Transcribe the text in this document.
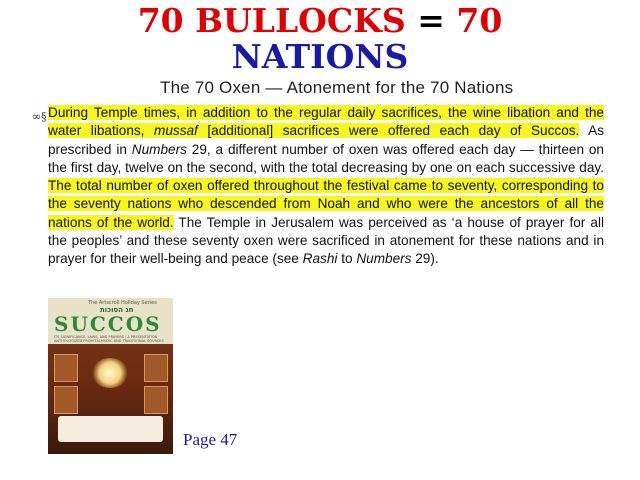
70 BULLOCKS = 70
NATIONS
The 70 Oxen — Atonement for the 70 Nations
∞§ During Temple times, in addition to the regular daily sacrifices, the wine libation and the water libations, mussaf [additional] sacrifices were offered each day of Succos. As prescribed in Numbers 29, a different number of oxen was offered each day — thirteen on the first day, twelve on the second, with the total decreasing by one on each successive day. The total number of oxen offered throughout the festival came to seventy, corresponding to the seventy nations who descended from Noah and who were the ancestors of all the nations of the world. The Temple in Jerusalem was perceived as ‘a house of prayer for all the peoples’ and these seventy oxen were sacrificed in atonement for these nations and in prayer for their well-being and peace (see Rashi to Numbers 29).
The Artscroll Holiday Series
חג הסוכות
SUCCOS
ITS SIGNIFICANCE, LAWS, AND PRAYERS / A PRESENTATION ANTHOLOGIZED FROM TALMUDIC AND TRADITIONAL SOURCES
Page 47
